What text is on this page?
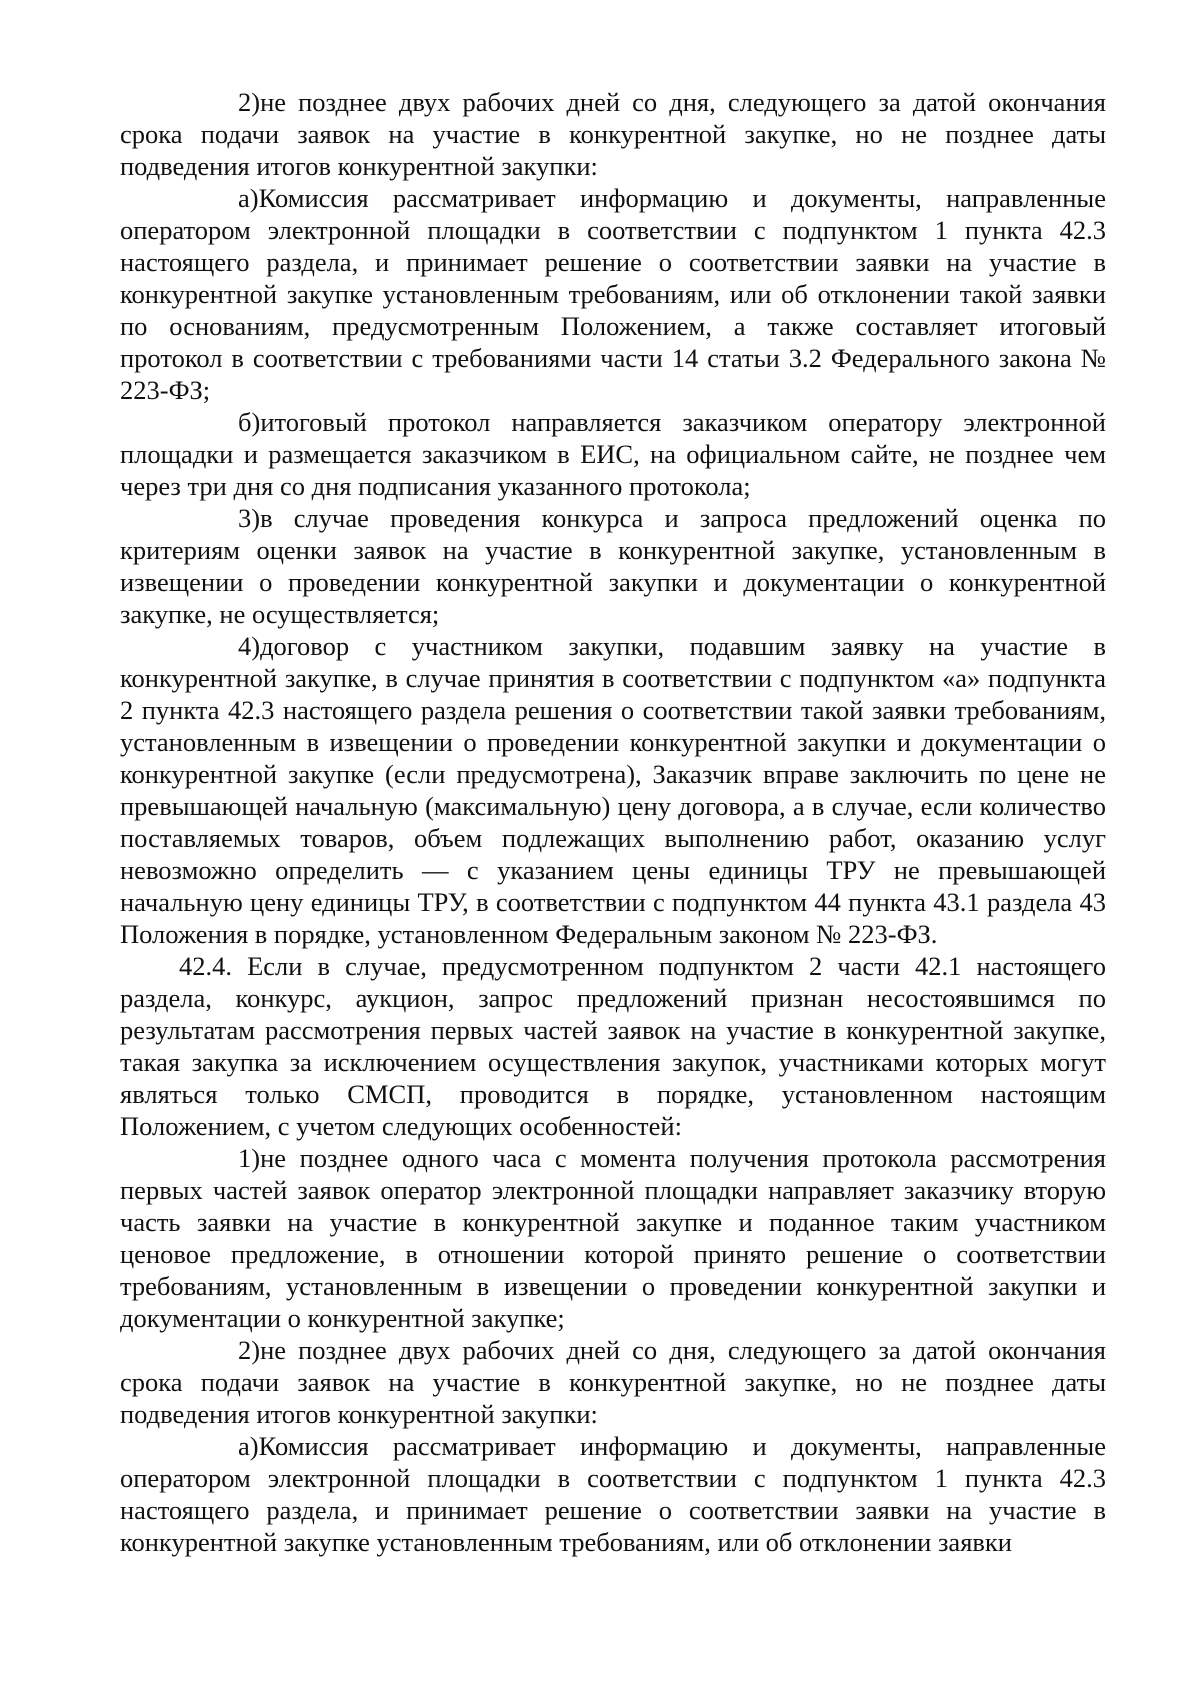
2)не позднее двух рабочих дней со дня, следующего за датой окончания срока подачи заявок на участие в конкурентной закупке, но не позднее даты подведения итогов конкурентной закупки:

а)Комиссия рассматривает информацию и документы, направленные оператором электронной площадки в соответствии с подпунктом 1 пункта 42.3 настоящего раздела, и принимает решение о соответствии заявки на участие в конкурентной закупке установленным требованиям, или об отклонении такой заявки по основаниям, предусмотренным Положением, а также составляет итоговый протокол в соответствии с требованиями части 14 статьи 3.2 Федерального закона № 223-ФЗ;

б)итоговый протокол направляется заказчиком оператору электронной площадки и размещается заказчиком в ЕИС, на официальном сайте, не позднее чем через три дня со дня подписания указанного протокола;

3)в случае проведения конкурса и запроса предложений оценка по критериям оценки заявок на участие в конкурентной закупке, установленным в извещении о проведении конкурентной закупки и документации о конкурентной закупке, не осуществляется;

4)договор с участником закупки, подавшим заявку на участие в конкурентной закупке, в случае принятия в соответствии с подпунктом «а» подпункта 2 пункта 42.3 настоящего раздела решения о соответствии такой заявки требованиям, установленным в извещении о проведении конкурентной закупки и документации о конкурентной закупке (если предусмотрена), Заказчик вправе заключить по цене не превышающей начальную (максимальную) цену договора, а в случае, если количество поставляемых товаров, объем подлежащих выполнению работ, оказанию услуг невозможно определить — с указанием цены единицы ТРУ не превышающей начальную цену единицы ТРУ, в соответствии с подпунктом 44 пункта 43.1 раздела 43 Положения в порядке, установленном Федеральным законом № 223-ФЗ.

42.4. Если в случае, предусмотренном подпунктом 2 части 42.1 настоящего раздела, конкурс, аукцион, запрос предложений признан несостоявшимся по результатам рассмотрения первых частей заявок на участие в конкурентной закупке, такая закупка за исключением осуществления закупок, участниками которых могут являться только СМСП, проводится в порядке, установленном настоящим Положением, с учетом следующих особенностей:

1)не позднее одного часа с момента получения протокола рассмотрения первых частей заявок оператор электронной площадки направляет заказчику вторую часть заявки на участие в конкурентной закупке и поданное таким участником ценовое предложение, в отношении которой принято решение о соответствии требованиям, установленным в извещении о проведении конкурентной закупки и документации о конкурентной закупке;

2)не позднее двух рабочих дней со дня, следующего за датой окончания срока подачи заявок на участие в конкурентной закупке, но не позднее даты подведения итогов конкурентной закупки:

а)Комиссия рассматривает информацию и документы, направленные оператором электронной площадки в соответствии с подпунктом 1 пункта 42.3 настоящего раздела, и принимает решение о соответствии заявки на участие в конкурентной закупке установленным требованиям, или об отклонении заявки
